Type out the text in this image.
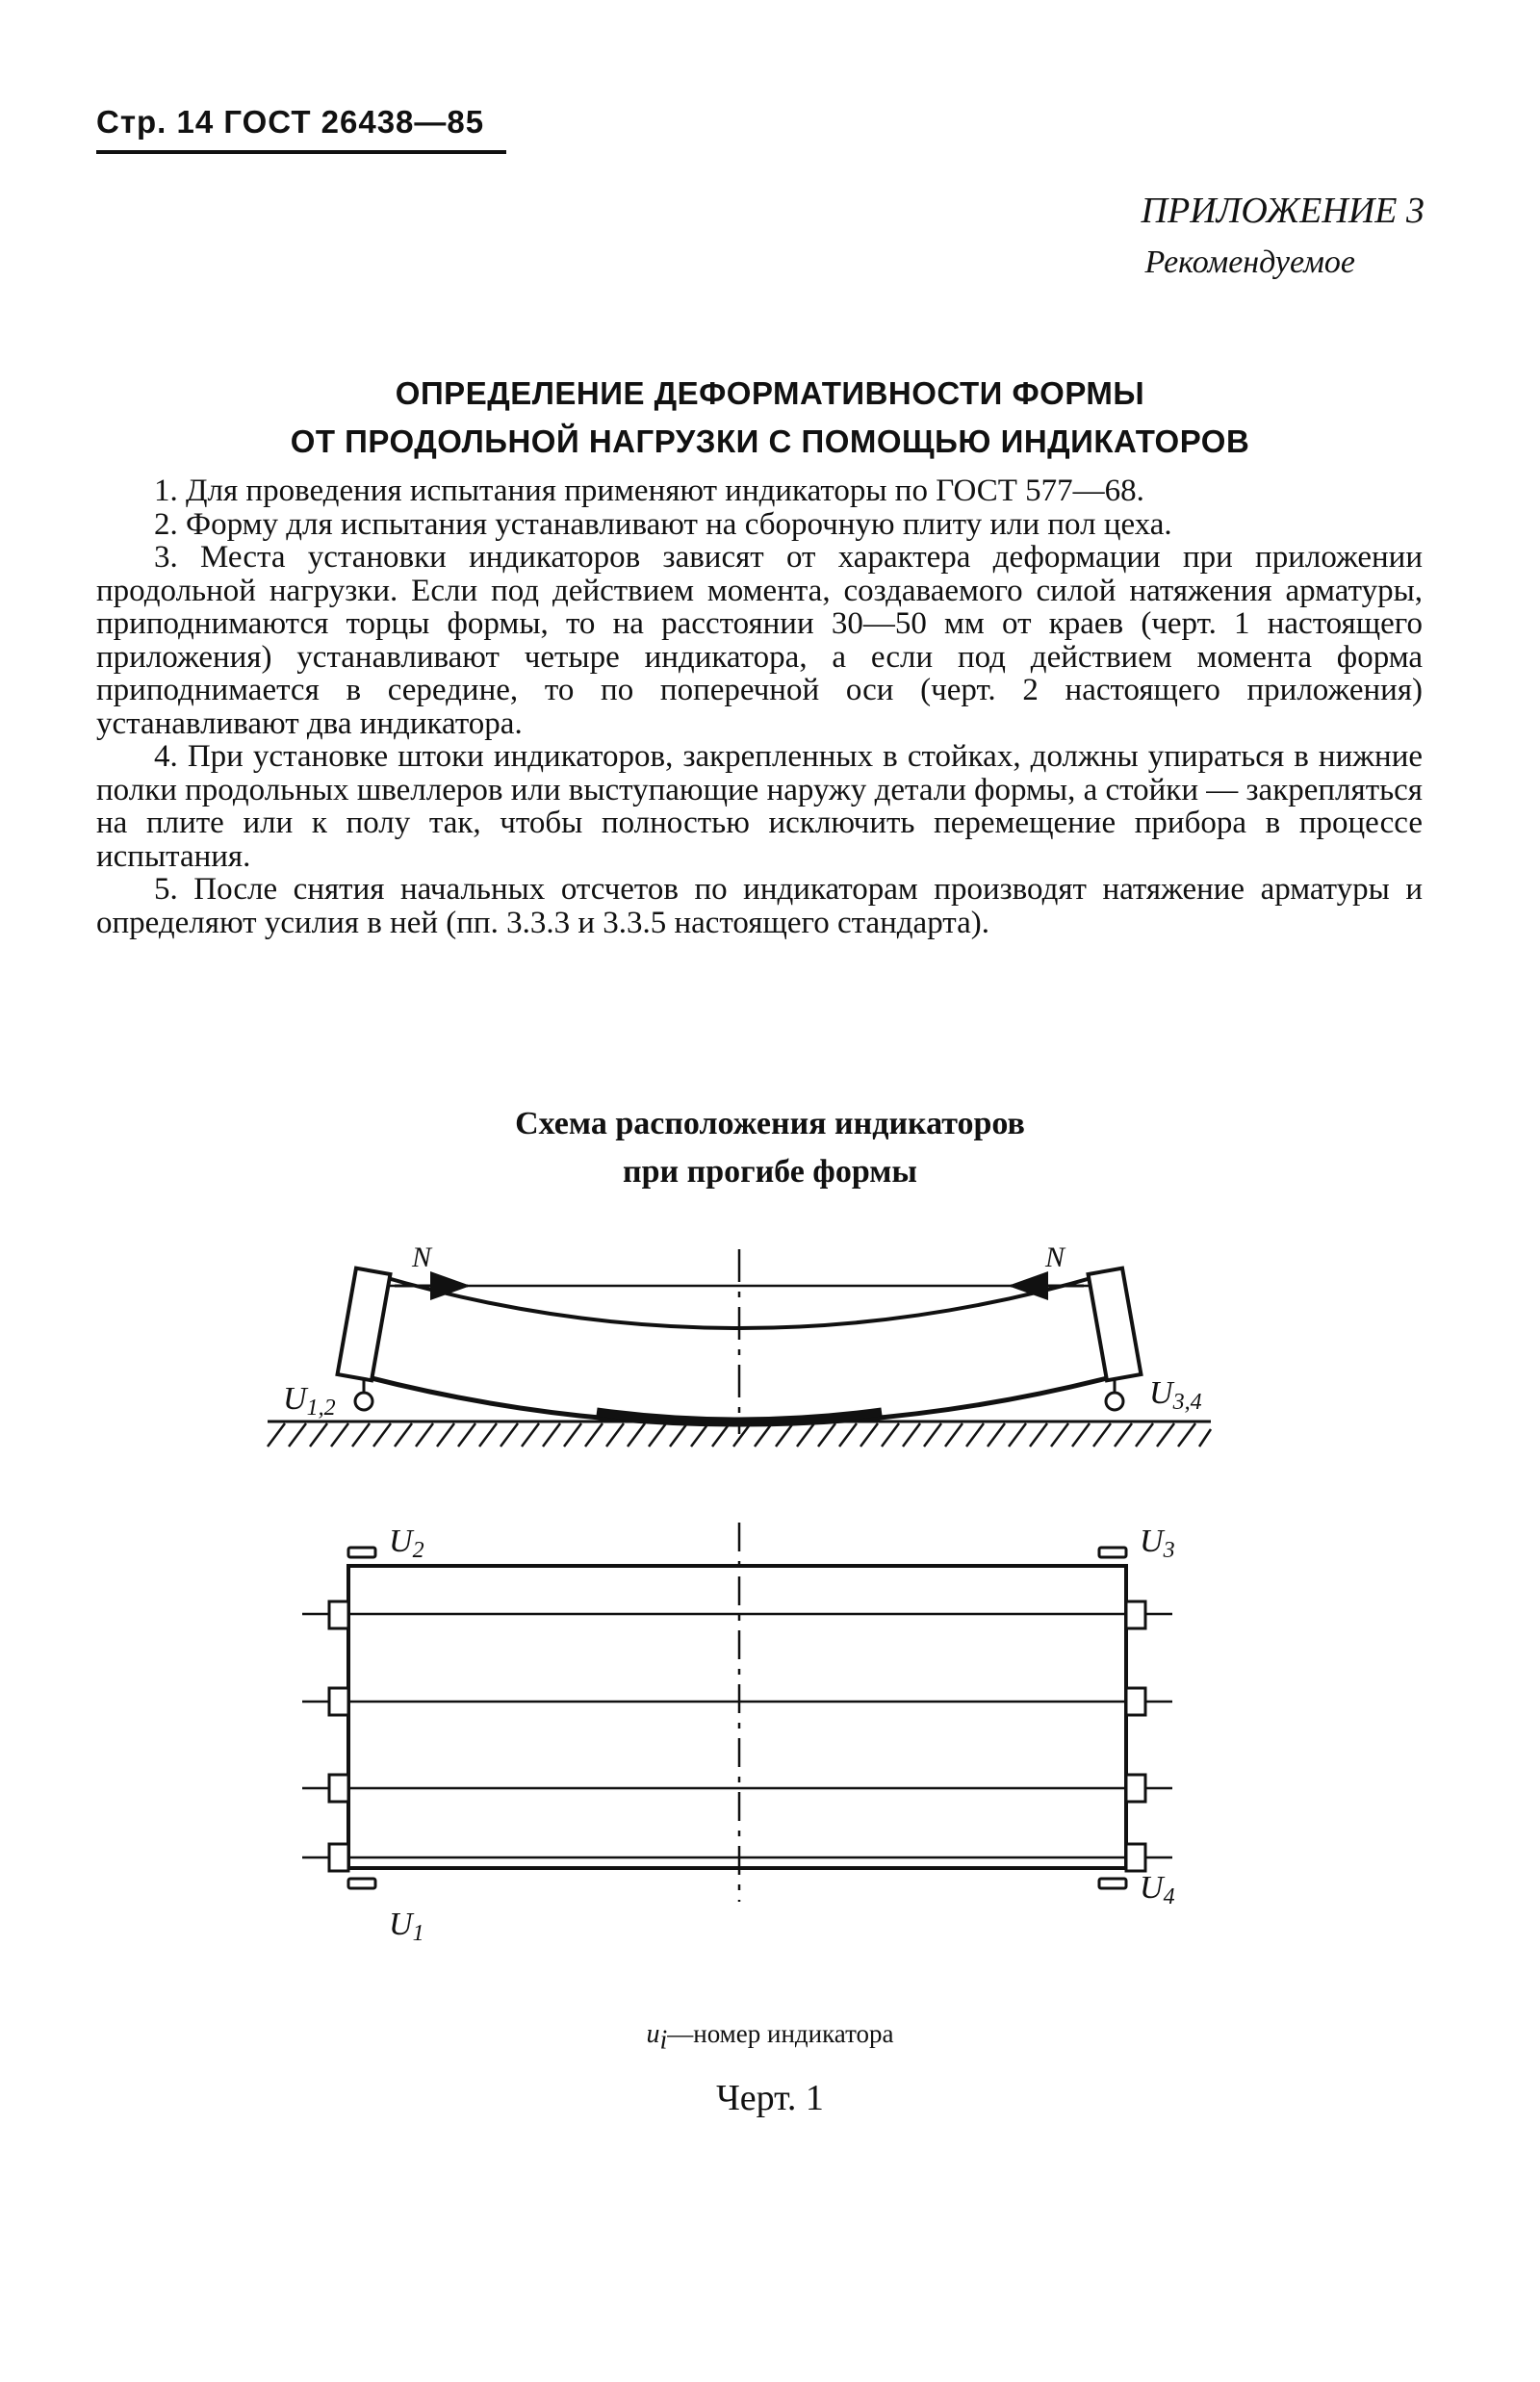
Стр. 14 ГОСТ 26438—85
ПРИЛОЖЕНИЕ 3
Рекомендуемое
ОПРЕДЕЛЕНИЕ ДЕФОРМАТИВНОСТИ ФОРМЫ
ОТ ПРОДОЛЬНОЙ НАГРУЗКИ С ПОМОЩЬЮ ИНДИКАТОРОВ

1. Для проведения испытания применяют индикаторы по ГОСТ 577—68.

2. Форму для испытания устанавливают на сборочную плиту или пол цеха.

3. Места установки индикаторов зависят от характера деформации при приложении продольной нагрузки. Если под действием момента, создаваемого силой натяжения арматуры, приподнимаются торцы формы, то на расстоянии 30—50 мм от краев (черт. 1 настоящего приложения) устанавливают четыре индикатора, а если под действием момента форма приподнимается в середине, то по поперечной оси (черт. 2 настоящего приложения) устанавливают два индикатора.

4. При установке штоки индикаторов, закрепленных в стойках, должны упираться в нижние полки продольных швеллеров или выступающие наружу детали формы, а стойки — закрепляться на плите или к полу так, чтобы полностью исключить перемещение прибора в процессе испытания.

5. После снятия начальных отсчетов по индикаторам производят натяжение арматуры и определяют усилия в ней (пп. 3.3.3 и 3.3.5 настоящего стандарта).

Схема расположения индикаторов
при прогибе формы
N	N
U1,2	U3,4
U2	U3
U1
U4
$u_i—номер$ индикатора
Черт. 1
